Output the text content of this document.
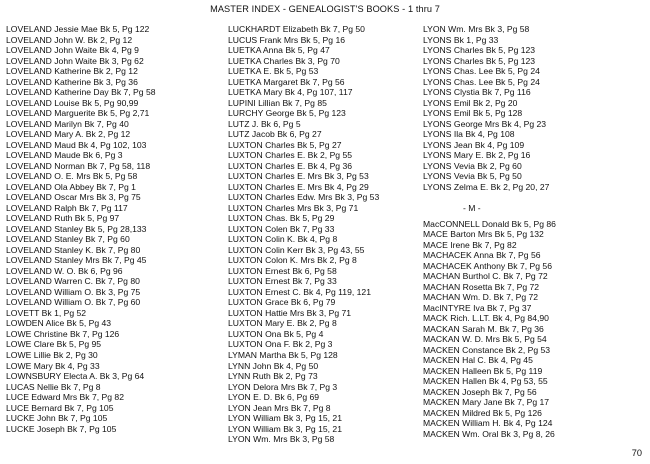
MASTER INDEX - GENEALOGIST'S BOOKS - 1 thru 7
LOVELAND Jessie Mae Bk 5, Pg 122
LOVELAND John W. Bk 2, Pg 12
LOVELAND John Waite Bk 4, Pg 9
LOVELAND John Waite Bk 3, Pg 62
LOVELAND Katherine Bk 2, Pg 12
LOVELAND Katherine Bk 3, Pg 36
LOVELAND Katherine Day Bk 7, Pg 58
LOVELAND Louise Bk 5, Pg 90,99
LOVELAND Marguerite Bk 5, Pg 2,71
LOVELAND Marilyn Bk 7, Pg 40
LOVELAND Mary A. Bk 2, Pg 12
LOVELAND Maud Bk 4, Pg 102, 103
LOVELAND Maude Bk 6, Pg 3
LOVELAND Norman Bk 7, Pg 58, 118
LOVELAND O. E. Mrs Bk 5, Pg 58
LOVELAND Ola Abbey Bk 7, Pg 1
LOVELAND Oscar Mrs Bk 3, Pg 75
LOVELAND Ralph Bk 7, Pg 117
LOVELAND Ruth Bk 5, Pg 97
LOVELAND Stanley Bk 5, Pg 28,133
LOVELAND Stanley Bk 7, Pg 60
LOVELAND Stanley K. Bk 7, Pg 80
LOVELAND Stanley Mrs Bk 7, Pg 45
LOVELAND W. O. Bk 6, Pg 96
LOVELAND Warren C. Bk 7, Pg 80
LOVELAND William O. Bk 3, Pg 75
LOVELAND William O. Bk 7, Pg 60
LOVETT Bk 1, Pg 52
LOWDEN Alice Bk 5, Pg 43
LOWE Christine Bk 7, Pg 126
LOWE Clare Bk 5, Pg 95
LOWE Lillie Bk 2, Pg 30
LOWE Mary Bk 4, Pg 33
LOWNSBURY Electa A. Bk 3, Pg 64
LUCAS Nellie Bk 7, Pg 8
LUCE Edward Mrs Bk 7, Pg 82
LUCE Bernard Bk 7, Pg 105
LUCKE John Bk 7, Pg 105
LUCKE Joseph Bk 7, Pg 105
LUCKHARDT Elizabeth Bk 7, Pg 50
LUCUS Frank Mrs Bk 5, Pg 16
LUETKA Anna Bk 5, Pg 47
LUETKA Charles Bk 3, Pg 70
LUETKA E. Bk 5, Pg 53
LUETKA Margaret Bk 7, Pg 56
LUETKA Mary Bk 4, Pg 107, 117
LUPINI Lillian Bk 7, Pg 85
LURCHY George Bk 5, Pg 123
LUTZ J. Bk 6, Pg 5
LUTZ Jacob Bk 6, Pg 27
LUXTON Charles Bk 5, Pg 27
LUXTON Charles E. Bk 2, Pg 55
LUXTON Charles E. Bk 4, Pg 36
LUXTON Charles E. Mrs Bk 3, Pg 53
LUXTON Charles E. Mrs Bk 4, Pg 29
LUXTON Charles Edw. Mrs Bk 3, Pg 53
LUXTON Charles Mrs Bk 3, Pg 71
LUXTON Chas. Bk 5, Pg 29
LUXTON Colen Bk 7, Pg 33
LUXTON Colin K. Bk 4, Pg 8
LUXTON Colin Kerr Bk 3, Pg 43, 55
LUXTON Colon K. Mrs Bk 2, Pg 8
LUXTON Ernest Bk 6, Pg 58
LUXTON Ernest Bk 7, Pg 33
LUXTON Ernest C. Bk 4, Pg 119, 121
LUXTON Grace Bk 6, Pg 79
LUXTON Hattie Mrs Bk 3, Pg 71
LUXTON Mary E. Bk 2, Pg 8
LUXTON Ona Bk 5, Pg 4
LUXTON Ona F. Bk 2, Pg 3
LYMAN Martha Bk 5, Pg 128
LYNN John Bk 4, Pg 50
LYNN Ruth Bk 2, Pg 73
LYON Delora Mrs Bk 7, Pg 3
LYON E. D. Bk 6, Pg 69
LYON Jean Mrs Bk 7, Pg 8
LYON William Bk 3, Pg 15, 21
LYON William Bk 3, Pg 15, 21
LYON Wm. Mrs Bk 3, Pg 58
LYON Wm. Mrs Bk 3, Pg 58
LYONS Bk 1, Pg 33
LYONS Charles Bk 5, Pg 123
LYONS Charles Bk 5, Pg 123
LYONS Chas. Lee Bk 5, Pg 24
LYONS Chas. Lee Bk 5, Pg 24
LYONS Clystia Bk 7, Pg 116
LYONS Emil Bk 2, Pg 20
LYONS Emil Bk 5, Pg 128
LYONS George Mrs Bk 4, Pg 23
LYONS Ila Bk 4, Pg 108
LYONS Jean Bk 4, Pg 109
LYONS Mary E. Bk 2, Pg 16
LYONS Vevia Bk 2, Pg 60
LYONS Vevia Bk 5, Pg 50
LYONS Zelma E. Bk 2, Pg 20, 27
- M -
MacCONNELL Donald Bk 5, Pg 86
MACE Barton Mrs Bk 5, Pg 132
MACE Irene Bk 7, Pg 82
MACHACEK Anna Bk 7, Pg 56
MACHACEK Anthony Bk 7, Pg 56
MACHAN Burthol C. Bk 7, Pg 72
MACHAN Rosetta Bk 7, Pg 72
MACHAN Wm. D. Bk 7, Pg 72
MacINTYRE Iva Bk 7, Pg 37
MACK Rich. L.LT. Bk 4, Pg 84,90
MACKAN Sarah M. Bk 7, Pg 36
MACKAN W. D. Mrs Bk 5, Pg 54
MACKEN Constance Bk 2, Pg 53
MACKEN Hal C. Bk 4, Pg 45
MACKEN Halleen Bk 5, Pg 119
MACKEN Hallen Bk 4, Pg 53, 55
MACKEN Joseph Bk 7, Pg 56
MACKEN Mary Jane Bk 7, Pg 17
MACKEN Mildred Bk 5, Pg 126
MACKEN William H. Bk 4, Pg 124
MACKEN Wm. Oral Bk 3, Pg 8, 26
70
